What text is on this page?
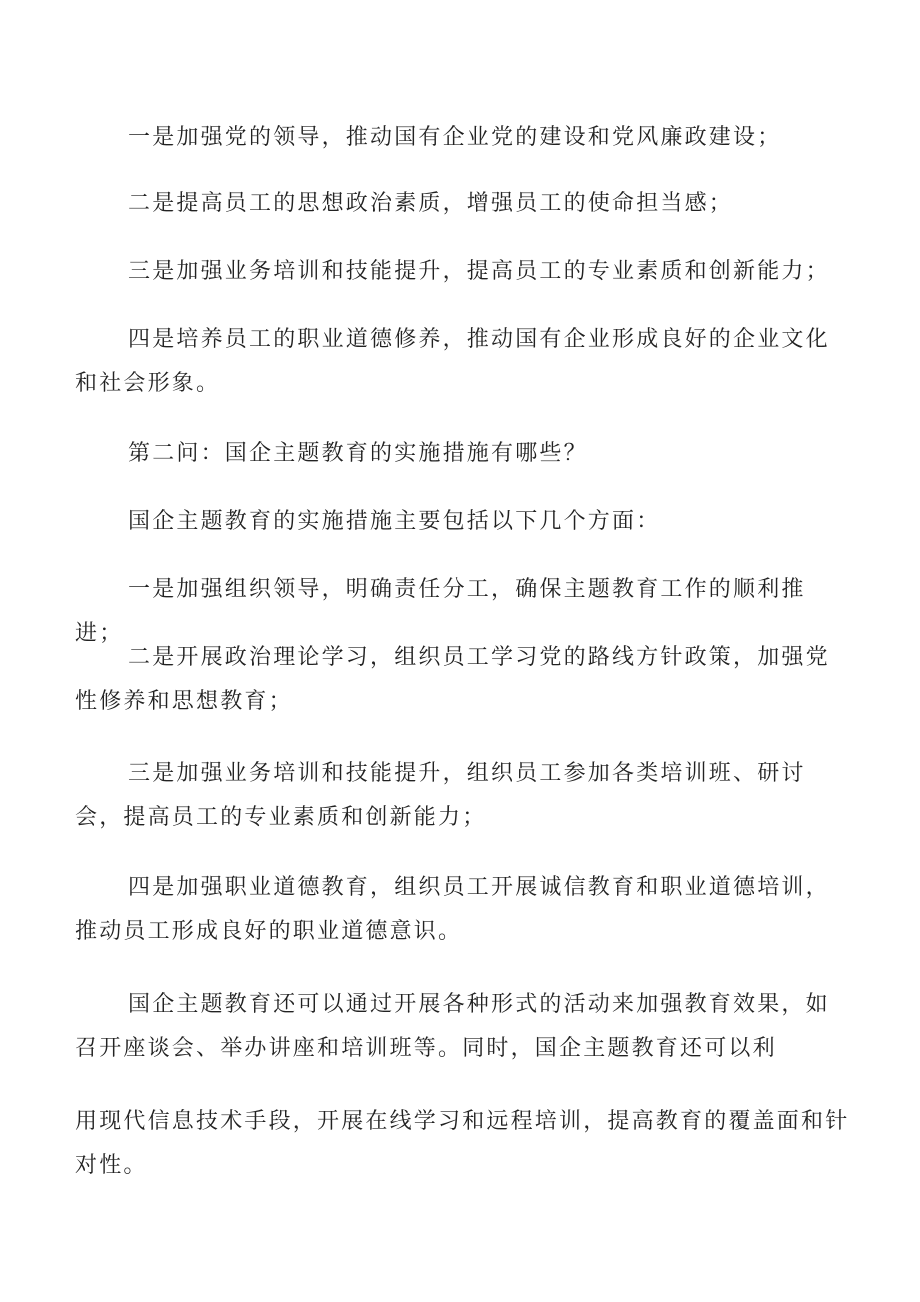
一是加强党的领导，推动国有企业党的建设和党风廉政建设；

二是提高员工的思想政治素质，增强员工的使命担当感；

三是加强业务培训和技能提升，提高员工的专业素质和创新能力；

四是培养员工的职业道德修养，推动国有企业形成良好的企业文化和社会形象。

第二问：国企主题教育的实施措施有哪些？

国企主题教育的实施措施主要包括以下几个方面：

一是加强组织领导，明确责任分工，确保主题教育工作的顺利推进；

二是开展政治理论学习，组织员工学习党的路线方针政策，加强党性修养和思想教育；

三是加强业务培训和技能提升，组织员工参加各类培训班、研讨会，提高员工的专业素质和创新能力；

四是加强职业道德教育，组织员工开展诚信教育和职业道德培训，推动员工形成良好的职业道德意识。

国企主题教育还可以通过开展各种形式的活动来加强教育效果，如召开座谈会、举办讲座和培训班等。同时，国企主题教育还可以利

用现代信息技术手段，开展在线学习和远程培训，提高教育的覆盖面和针对性。
